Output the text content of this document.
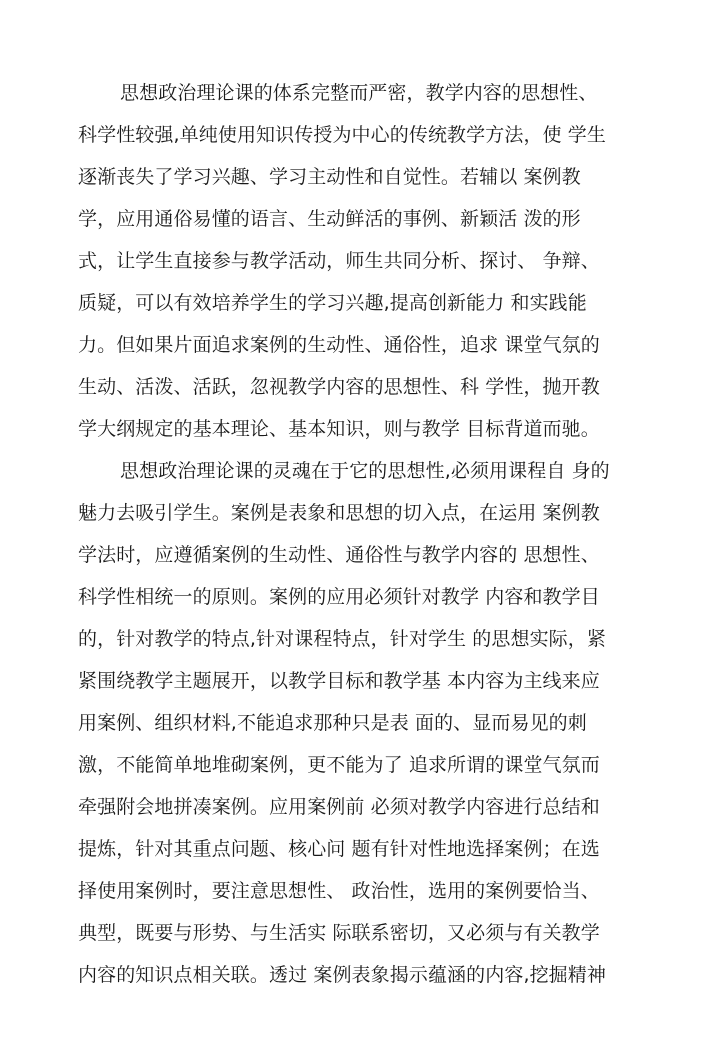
思想政治理论课的体系完整而严密，教学内容的思想性、
科学性较强,单纯使用知识传授为中心的传统教学方法，使 学生
逐渐丧失了学习兴趣、学习主动性和自觉性。若辅以 案例教
学，应用通俗易懂的语言、生动鲜活的事例、新颖活 泼的形
式，让学生直接参与教学活动，师生共同分析、探讨、 争辩、
质疑，可以有效培养学生的学习兴趣,提高创新能力 和实践能
力。但如果片面追求案例的生动性、通俗性，追求 课堂气氛的
生动、活泼、活跃，忽视教学内容的思想性、科 学性，抛开教
学大纲规定的基本理论、基本知识，则与教学 目标背道而驰。
思想政治理论课的灵魂在于它的思想性,必须用课程自 身的
魅力去吸引学生。案例是表象和思想的切入点，在运用 案例教
学法时，应遵循案例的生动性、通俗性与教学内容的 思想性、
科学性相统一的原则。案例的应用必须针对教学 内容和教学目
的，针对教学的特点,针对课程特点，针对学生 的思想实际，紧
紧围绕教学主题展开，以教学目标和教学基 本内容为主线来应
用案例、组织材料,不能追求那种只是表 面的、显而易见的刺
激，不能简单地堆砌案例，更不能为了 追求所谓的课堂气氛而
牵强附会地拼凑案例。应用案例前 必须对教学内容进行总结和
提炼，针对其重点问题、核心问 题有针对性地选择案例；在选
择使用案例时，要注意思想性、 政治性，选用的案例要恰当、
典型，既要与形势、与生活实 际联系密切，又必须与有关教学
内容的知识点相关联。透过 案例表象揭示蕴涵的内容,挖掘精神
